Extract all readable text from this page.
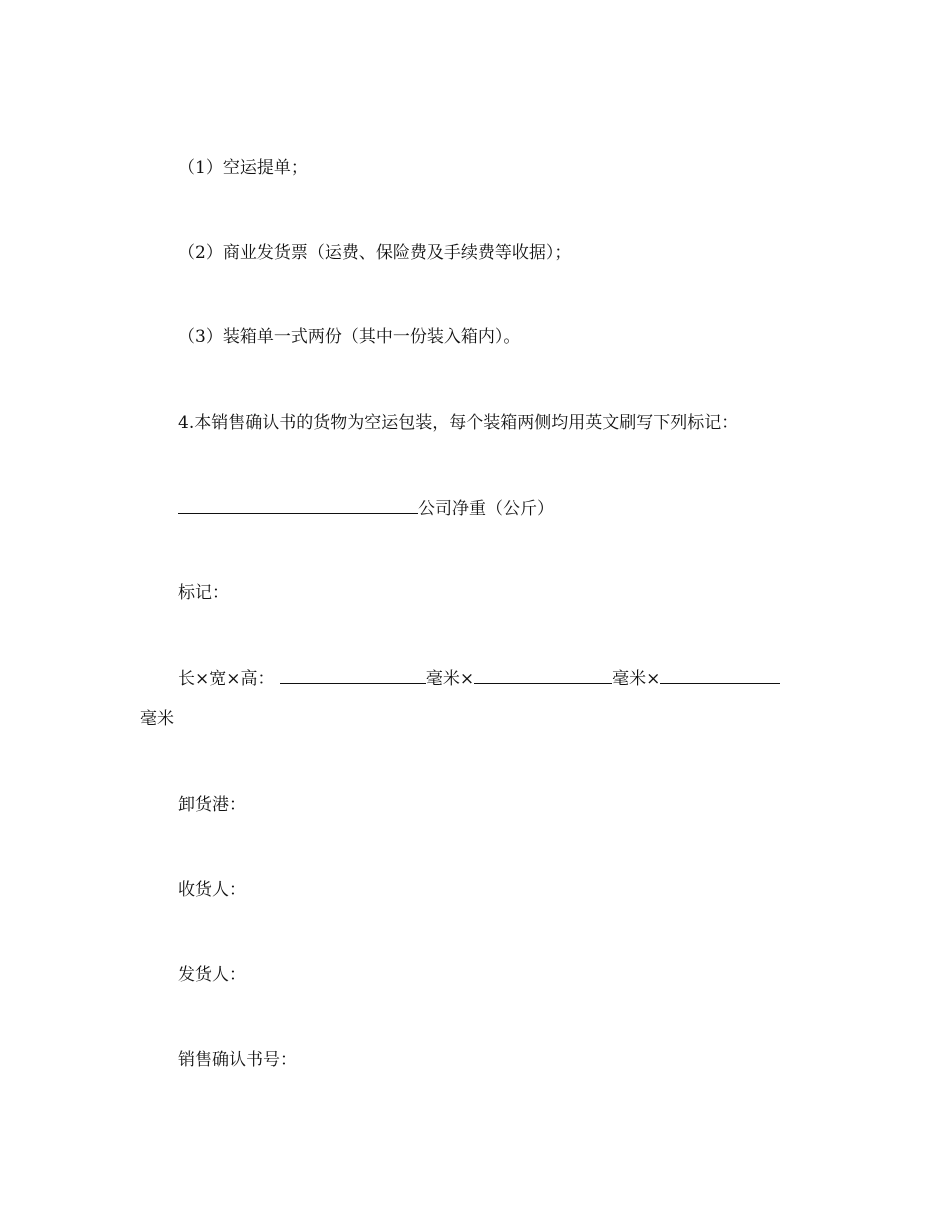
（1）空运提单；
（2）商业发货票（运费、保险费及手续费等收据）；
（3）装箱单一式两份（其中一份装入箱内）。
4.本销售确认书的货物为空运包装，每个装箱两侧均用英文刷写下列标记：
公司净重（公斤）
标记：
长×宽×高：	毫米×	毫米×
毫米
卸货港：
收货人：
发货人：
销售确认书号：
